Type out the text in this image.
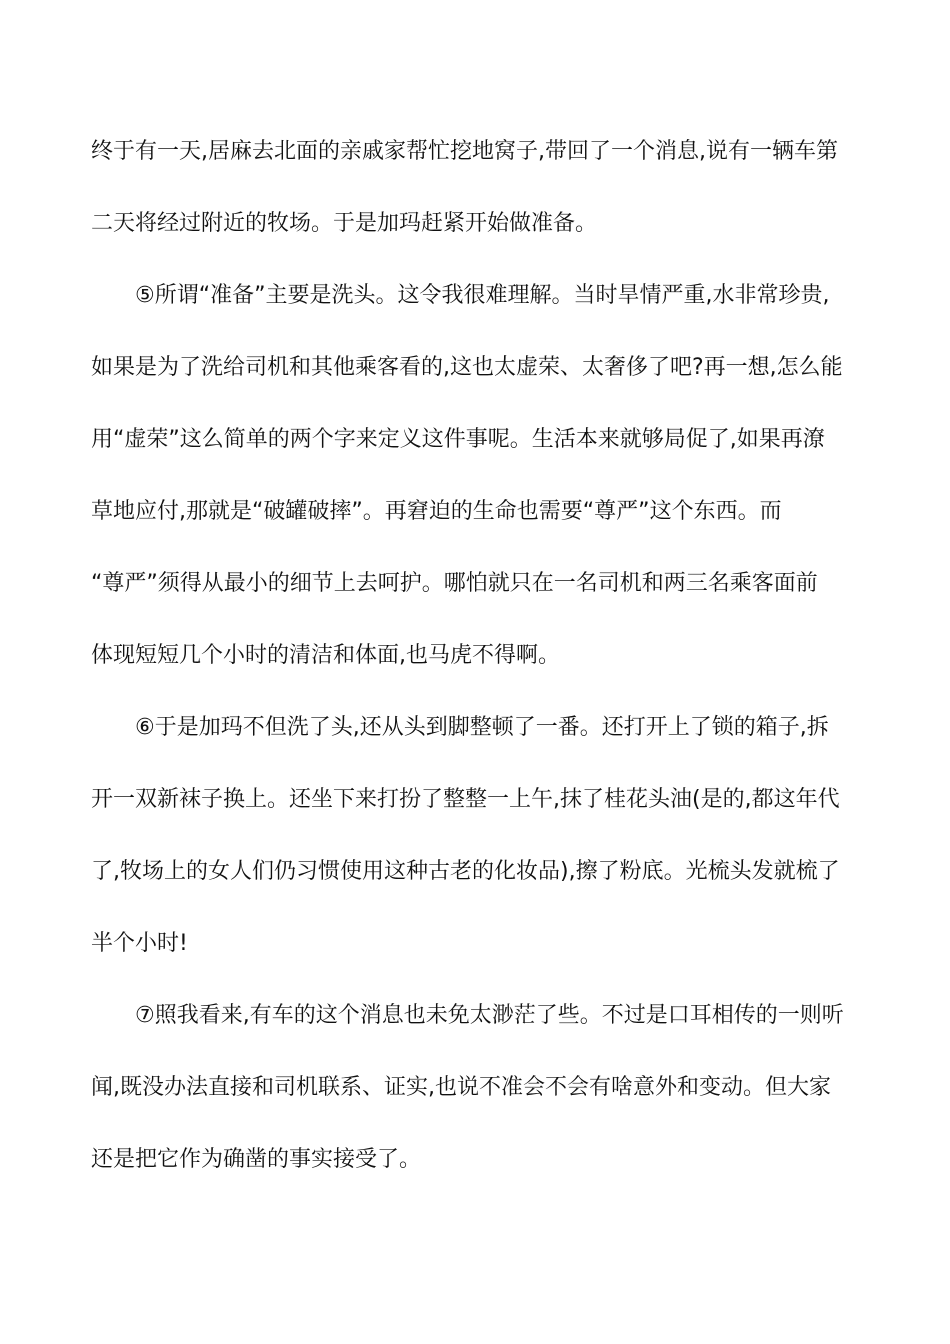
终于有一天,居麻去北面的亲戚家帮忙挖地窝子,带回了一个消息,说有一辆车第
二天将经过附近的牧场。于是加玛赶紧开始做准备。
⑤所谓“准备”主要是洗头。这令我很难理解。当时旱情严重,水非常珍贵,
如果是为了洗给司机和其他乘客看的,这也太虚荣、太奢侈了吧?再一想,怎么能
用“虚荣”这么简单的两个字来定义这件事呢。生活本来就够局促了,如果再潦
草地应付,那就是“破罐破摔”。再窘迫的生命也需要“尊严”这个东西。而
“尊严”须得从最小的细节上去呵护。哪怕就只在一名司机和两三名乘客面前
体现短短几个小时的清洁和体面,也马虎不得啊。
⑥于是加玛不但洗了头,还从头到脚整顿了一番。还打开上了锁的箱子,拆
开一双新袜子换上。还坐下来打扮了整整一上午,抹了桂花头油(是的,都这年代
了,牧场上的女人们仍习惯使用这种古老的化妆品),擦了粉底。光梳头发就梳了
半个小时!
⑦照我看来,有车的这个消息也未免太渺茫了些。不过是口耳相传的一则听
闻,既没办法直接和司机联系、证实,也说不准会不会有啥意外和变动。但大家
还是把它作为确凿的事实接受了。
